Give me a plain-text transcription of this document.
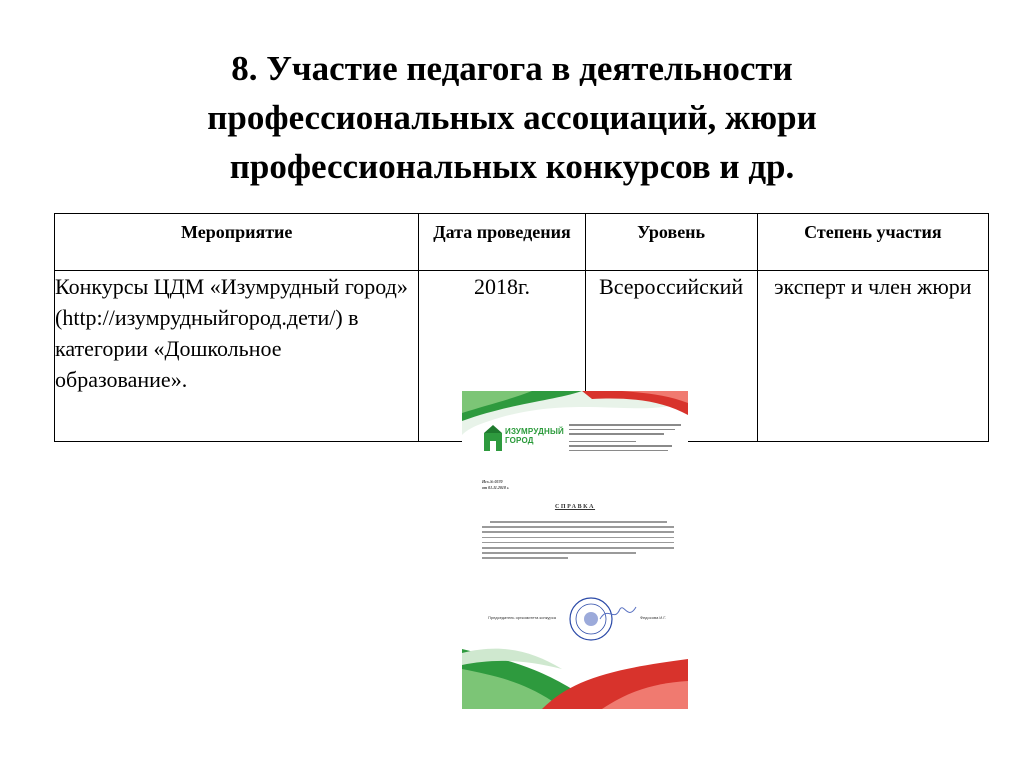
8. Участие педагога в деятельности
профессиональных ассоциаций, жюри
профессиональных конкурсов и др.
Мероприятие	Дата проведения	Уровень	Степень участия
Конкурсы ЦДМ «Изумрудный город» (http://изумрудныйгород.дети/) в категории «Дошкольное образование».	2018г.	Всероссийский	эксперт и член жюри
ИЗУМРУДНЫЙ
ГОРОД
Исх.№ 0570
от 01.11.2018 г.
СПРАВКА
Председатель оргкомитета конкурса	Федосова И.Г.
